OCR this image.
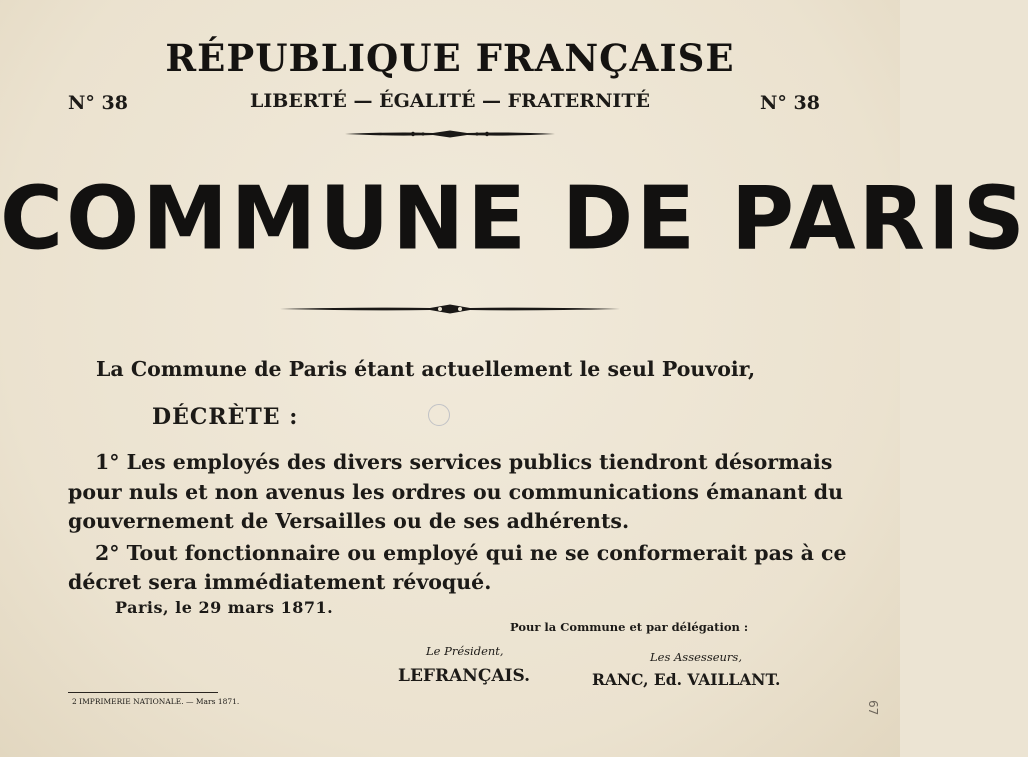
RÉPUBLIQUE FRANÇAISE
N° 38	LIBERTÉ — ÉGALITÉ — FRATERNITÉ	N° 38
COMMUNE DE PARIS
La Commune de Paris étant actuellement le seul Pouvoir,
DÉCRÈTE :
1° Les employés des divers services publics tiendront désormais
pour nuls et non avenus les ordres ou communications émanant du
gouvernement de Versailles ou de ses adhérents.
2° Tout fonctionnaire ou employé qui ne se conformerait pas à ce
décret sera immédiatement révoqué.
Paris, le 29 mars 1871.
Pour la Commune et par délégation :
Le Président,
LEFRANÇAIS.
Les Assesseurs,
RANC, Ed. VAILLANT.
2 IMPRIMERIE NATIONALE. — Mars 1871.	67
